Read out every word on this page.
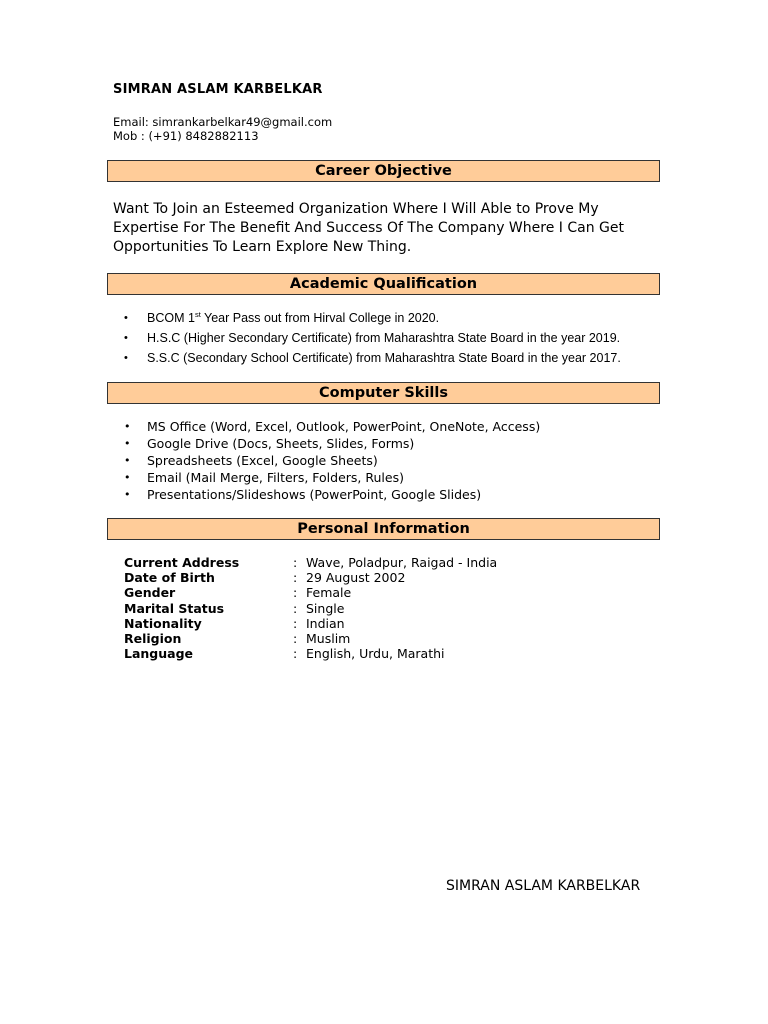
SIMRAN ASLAM KARBELKAR
Email: simrankarbelkar49@gmail.com
Mob : (+91) 8482882113
Career Objective
Want To Join an Esteemed Organization Where I Will Able to Prove My Expertise For The Benefit And Success Of The Company Where I Can Get Opportunities To Learn Explore New Thing.
Academic Qualification
• BCOM 1st Year Pass out from Hirval College in 2020.
• H.S.C (Higher Secondary Certificate) from Maharashtra State Board in the year 2019.
• S.S.C (Secondary School Certificate) from Maharashtra State Board in the year 2017.
Computer Skills
• MS Office (Word, Excel, Outlook, PowerPoint, OneNote, Access)
• Google Drive (Docs, Sheets, Slides, Forms)
• Spreadsheets (Excel, Google Sheets)
• Email (Mail Merge, Filters, Folders, Rules)
• Presentations/Slideshows (PowerPoint, Google Slides)
Personal Information
Current Address	: Wave, Poladpur, Raigad - India
Date of Birth	: 29 August 2002
Gender	: Female
Marital Status	: Single
Nationality	: Indian
Religion	: Muslim
Language	: English, Urdu, Marathi
SIMRAN ASLAM KARBELKAR
